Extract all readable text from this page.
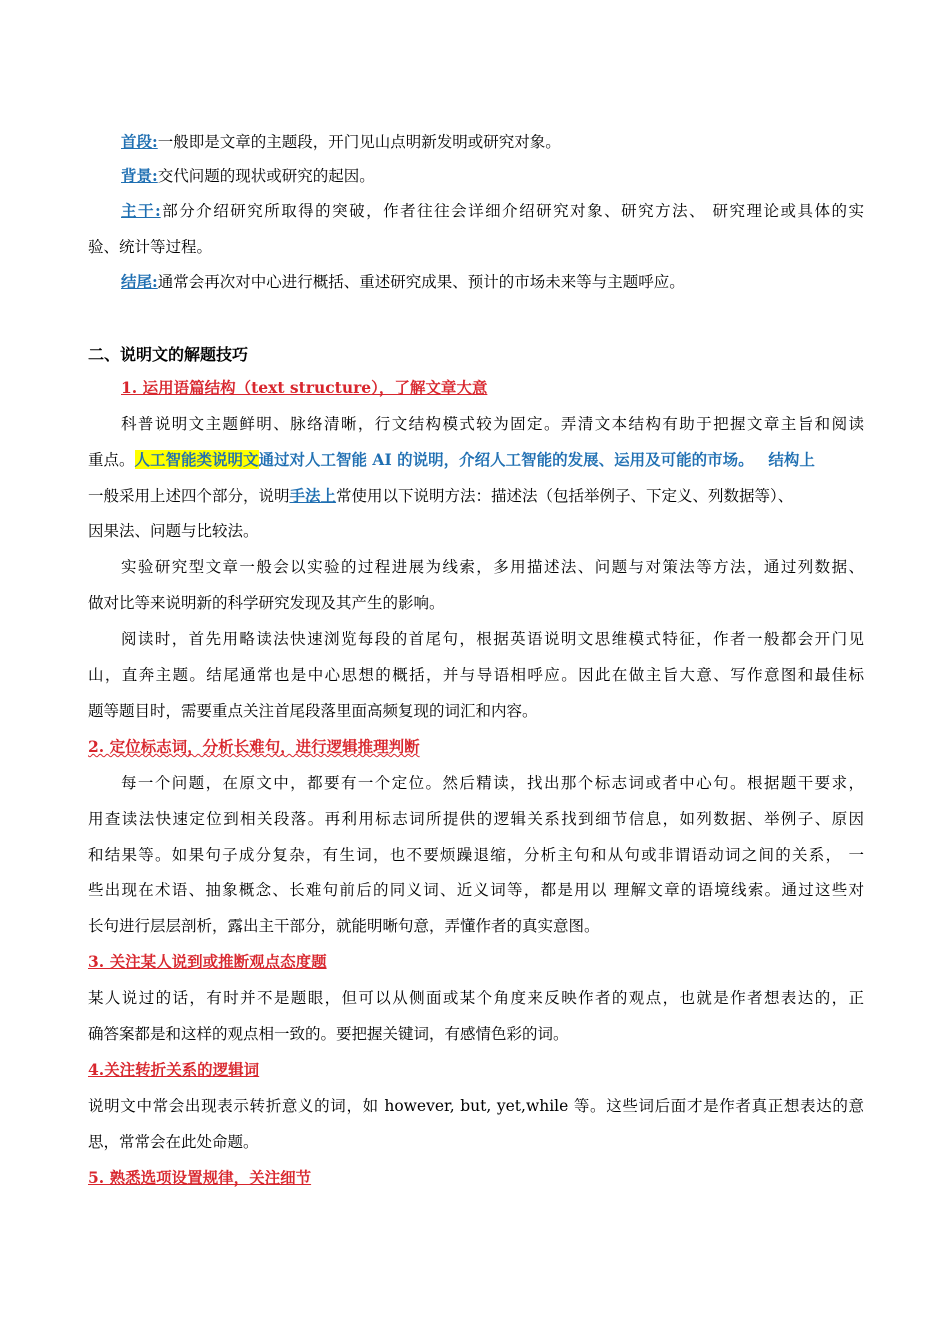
首段:一般即是文章的主题段，开门见山点明新发明或研究对象。
背景:交代问题的现状或研究的起因。
主干:部分介绍研究所取得的突破，作者往往会详细介绍研究对象、研究方法、 研究理论或具体的实
验、统计等过程。
结尾:通常会再次对中心进行概括、重述研究成果、预计的市场未来等与主题呼应。
二、说明文的解题技巧
1. 运用语篇结构（text structure），了解文章大意
科普说明文主题鲜明、脉络清晰，行文结构模式较为固定。弄清文本结构有助于把握文章主旨和阅读
重点。人工智能类说明文通过对人工智能 AI 的说明，介绍人工智能的发展、运用及可能的市场。 结构上
一般采用上述四个部分，说明手法上常使用以下说明方法：描述法（包括举例子、下定义、列数据等）、
因果法、问题与比较法。
实验研究型文章一般会以实验的过程进展为线索，多用描述法、问题与对策法等方法，通过列数据、
做对比等来说明新的科学研究发现及其产生的影响。
阅读时，首先用略读法快速浏览每段的首尾句，根据英语说明文思维模式特征，作者一般都会开门见
山，直奔主题。结尾通常也是中心思想的概括，并与导语相呼应。因此在做主旨大意、写作意图和最佳标
题等题目时，需要重点关注首尾段落里面高频复现的词汇和内容。
2. 定位标志词，分析长难句，进行逻辑推理判断
每一个问题，在原文中，都要有一个定位。然后精读，找出那个标志词或者中心句。根据题干要求，
用查读法快速定位到相关段落。再利用标志词所提供的逻辑关系找到细节信息，如列数据、举例子、原因
和结果等。如果句子成分复杂，有生词，也不要烦躁退缩，分析主句和从句或非谓语动词之间的关系， 一
些出现在术语、抽象概念、长难句前后的同义词、近义词等，都是用以 理解文章的语境线索。通过这些对
长句进行层层剖析，露出主干部分，就能明晰句意，弄懂作者的真实意图。
3. 关注某人说到或推断观点态度题
某人说过的话，有时并不是题眼，但可以从侧面或某个角度来反映作者的观点，也就是作者想表达的，正
确答案都是和这样的观点相一致的。要把握关键词，有感情色彩的词。
4.关注转折关系的逻辑词
说明文中常会出现表示转折意义的词，如 however, but, yet,while 等。这些词后面才是作者真正想表达的意
思，常常会在此处命题。
5. 熟悉选项设置规律，关注细节
